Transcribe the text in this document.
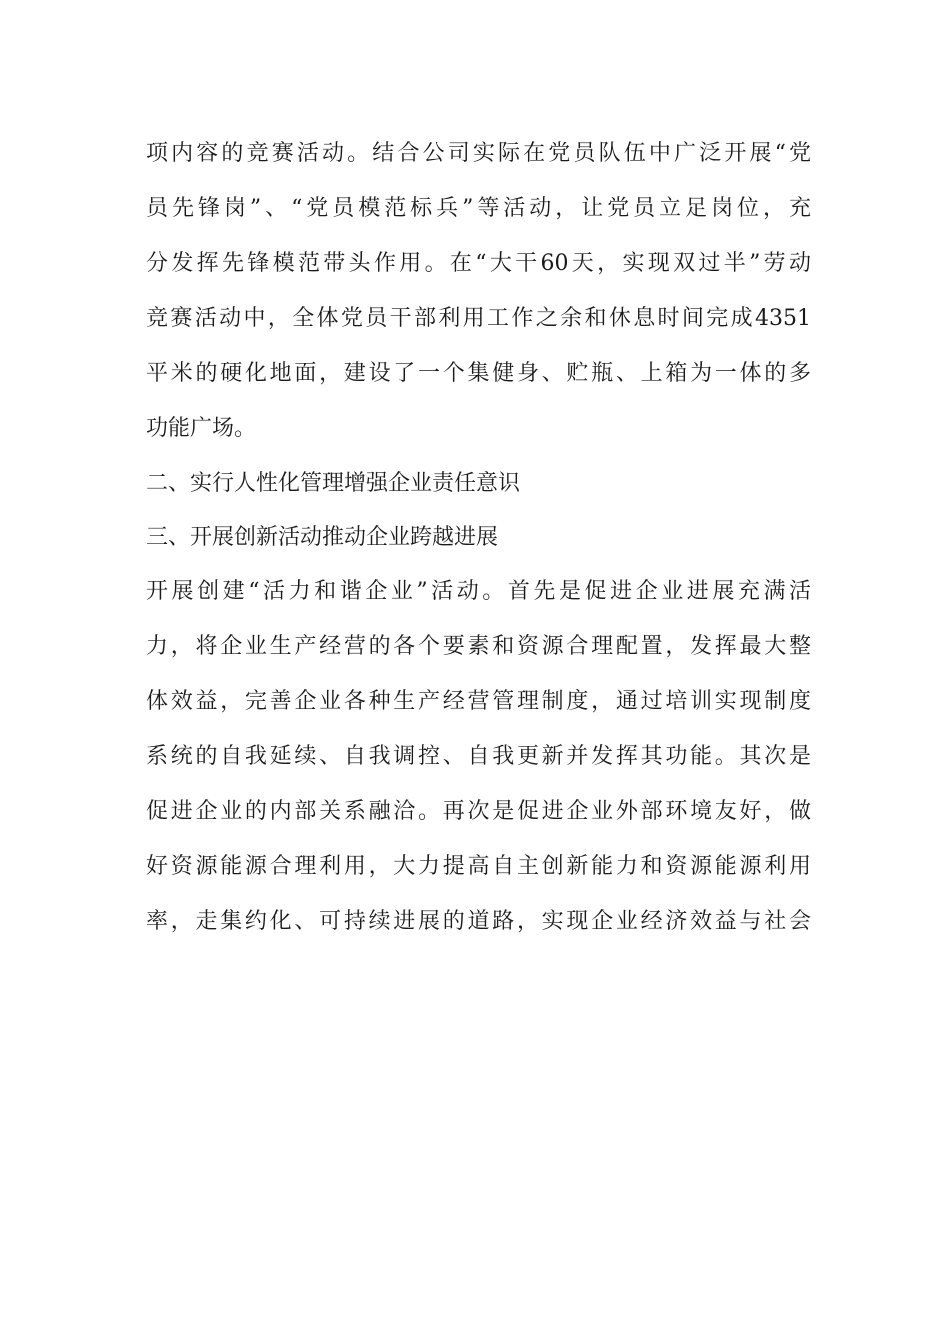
项内容的竞赛活动。结合公司实际在党员队伍中广泛开展“党
员先锋岗”、“党员模范标兵”等活动，让党员立足岗位，充
分发挥先锋模范带头作用。在“大干60天，实现双过半”劳动
竞赛活动中，全体党员干部利用工作之余和休息时间完成4351
平米的硬化地面，建设了一个集健身、贮瓶、上箱为一体的多
功能广场。
二、实行人性化管理增强企业责任意识
三、开展创新活动推动企业跨越进展
开展创建“活力和谐企业”活动。首先是促进企业进展充满活
力，将企业生产经营的各个要素和资源合理配置，发挥最大整
体效益，完善企业各种生产经营管理制度，通过培训实现制度
系统的自我延续、自我调控、自我更新并发挥其功能。其次是
促进企业的内部关系融洽。再次是促进企业外部环境友好，做
好资源能源合理利用，大力提高自主创新能力和资源能源利用
率，走集约化、可持续进展的道路，实现企业经济效益与社会
